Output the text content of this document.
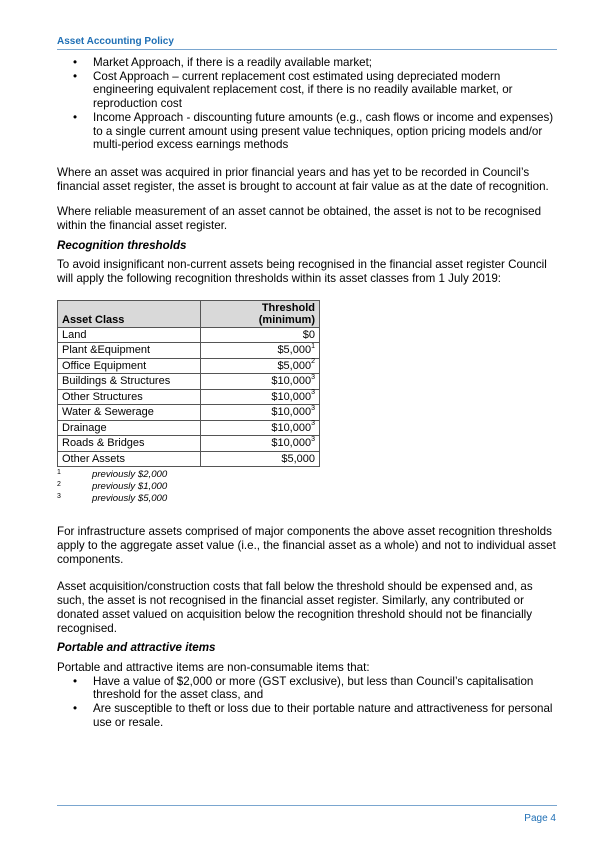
Asset Accounting Policy
• Market Approach, if there is a readily available market;
• Cost Approach – current replacement cost estimated using depreciated modern engineering equivalent replacement cost, if there is no readily available market, or reproduction cost
• Income Approach - discounting future amounts (e.g., cash flows or income and expenses) to a single current amount using present value techniques, option pricing models and/or multi-period excess earnings methods

Where an asset was acquired in prior financial years and has yet to be recorded in Council’s financial asset register, the asset is brought to account at fair value as at the date of recognition.

Where reliable measurement of an asset cannot be obtained, the asset is not to be recognised within the financial asset register.

Recognition thresholds

To avoid insignificant non-current assets being recognised in the financial asset register Council will apply the following recognition thresholds within its asset classes from 1 July 2019:

Asset Class	Threshold
(minimum)
Land	$0
Plant &Equipment	$5,000$^1$
Office Equipment	$5,000$^2$
Buildings & Structures	$10,000$^3$
Other Structures	$10,000$^3$
Water & Sewerage	$10,000$^3$
Drainage	$10,000$^3$
Roads & Bridges	$10,000$^3$
Other Assets	$5,000
1	previously $2,000
2	previously $1,000
3	previously $5,000

For infrastructure assets comprised of major components the above asset recognition thresholds apply to the aggregate asset value (i.e., the financial asset as a whole) and not to individual asset components.

Asset acquisition/construction costs that fall below the threshold should be expensed and, as such, the asset is not recognised in the financial asset register. Similarly, any contributed or donated asset valued on acquisition below the recognition threshold should not be financially recognised.

Portable and attractive items

Portable and attractive items are non-consumable items that:

• Have a value of $2,000 or more (GST exclusive), but less than Council’s capitalisation threshold for the asset class, and
• Are susceptible to theft or loss due to their portable nature and attractiveness for personal use or resale.
Page 4
